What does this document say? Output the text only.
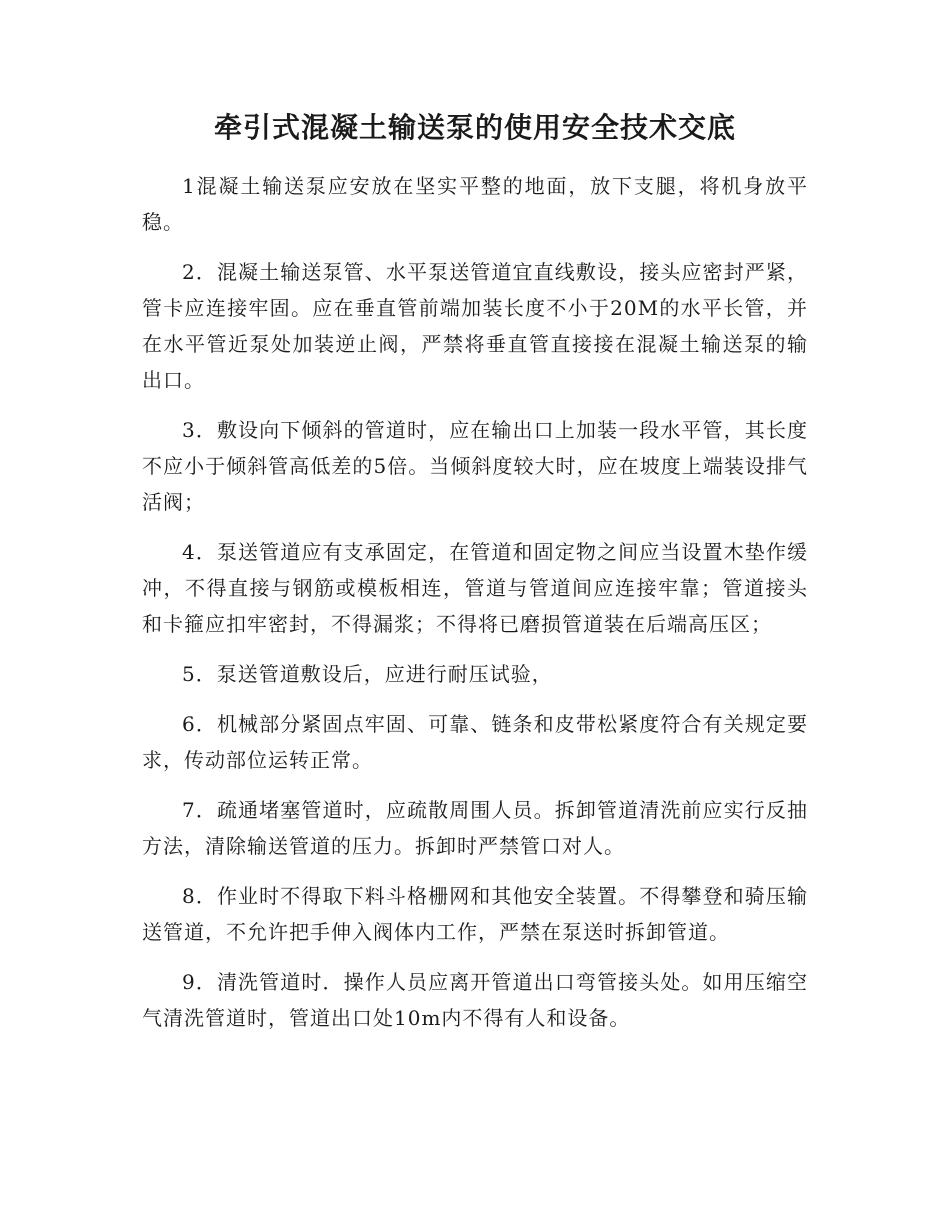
牵引式混凝土输送泵的使用安全技术交底

1混凝土输送泵应安放在坚实平整的地面，放下支腿，将机身放平稳。

2．混凝土输送泵管、水平泵送管道宜直线敷设，接头应密封严紧，管卡应连接牢固。应在垂直管前端加装长度不小于20M的水平长管，并在水平管近泵处加装逆止阀，严禁将垂直管直接接在混凝土输送泵的输出口。

3．敷设向下倾斜的管道时，应在输出口上加装一段水平管，其长度不应小于倾斜管高低差的5倍。当倾斜度较大时，应在坡度上端装设排气活阀；

4．泵送管道应有支承固定，在管道和固定物之间应当设置木垫作缓冲，不得直接与钢筋或模板相连，管道与管道间应连接牢靠；管道接头和卡箍应扣牢密封，不得漏浆；不得将已磨损管道装在后端高压区；

5．泵送管道敷设后，应进行耐压试验，

6．机械部分紧固点牢固、可靠、链条和皮带松紧度符合有关规定要求，传动部位运转正常。

7．疏通堵塞管道时，应疏散周围人员。拆卸管道清洗前应实行反抽方法，清除输送管道的压力。拆卸时严禁管口对人。

8．作业时不得取下料斗格栅网和其他安全装置。不得攀登和骑压输送管道，不允许把手伸入阀体内工作，严禁在泵送时拆卸管道。

9．清洗管道时．操作人员应离开管道出口弯管接头处。如用压缩空气清洗管道时，管道出口处10m内不得有人和设备。
